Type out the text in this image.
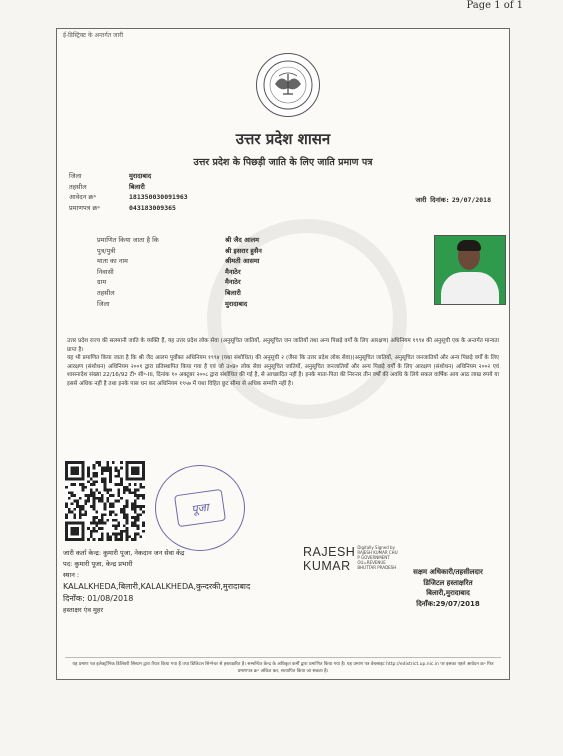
Page 1 of 1
ई-डिस्ट्रिक्ट के अन्तर्गत जारी
उत्तर प्रदेश शासन
उत्तर प्रदेश के पिछड़ी जाति के लिए जाति प्रमाण पत्र
जिला	मुरादाबाद
तहसील	बिलारी
आवेदन क्र॰	181350030091963
प्रमाणपत्र क्र॰	043183009365
जारी दिनांक: 29/07/2018
प्रमाणित किया जाता है कि	श्री जैद आलम
पुत्र/पुत्री	श्री इसरार हुसैन
माता का नाम	श्रीमती आसमा
निवासी	मैनाठेर
ग्राम	मैनाठेर
तहसील	बिलारी
जिला	मुरादाबाद

उत्तर प्रदेश राज्य की सलमानी जाति के व्यक्ति हैं, यह उत्तर प्रदेश लोक सेवा (अनुसूचित जातियों, अनुसूचित जन जातियों तथा अन्य पिछड़े वर्गों के लिए आरक्षण) अधिनियम १९९४ की अनुसूची एक के अन्तर्गत मान्यता प्राप्त है।

यह भी प्रमाणित किया जाता है कि श्री जैद आलम पूर्वोक्त अधिनियम १९९४ (यथा संशोधित) की अनुसूची २ (जैसा कि उत्तर प्रदेश लोक सेवा)(अनुसूचित जातियों, अनुसूचित जनजातियों और अन्य पिछड़े वर्गों के लिए आरक्षण (संशोधन) अधिनियम २००१ द्वारा प्रतिस्थापित किया गया है एवं जो उ०प्र० लोक सेवा अनुसूचित जातियों, अनुसूचित जनजातियों और अन्य पिछड़े वर्गों के लिए आरक्षण (संशोधन) अधिनियम २००२ एवं शासनादेश संख्या 22/16/92 टी॰ सी॰-III, दिनांक १० अक्टूबर २००८ द्वारा संशोधित की गई है, से आच्छादित नहीं है। इनके माता-पिता की निरन्तर तीन वर्षों की अवधि के लिये सकल वार्षिक आय आठ लाख रुपये या इससे अधिक नहीं है तथा इनके पास धन कर अधिनियम १९५७ में यथा विहित छूट सीमा से अधिक सम्पत्ति नहीं है।

पूजा
जारी कर्ता केन्द्र: कुमारी पूजा, नेकदान जन सेवा केंद्र
पद: कुमारी पूजा, केन्द्र प्रभारी
स्थान :
KALALKHEDA,बिलारी,KALALKHEDA,कुन्दरकी,मुरादाबाद
दिनाँक: 01/08/2018
हस्ताक्षर एंव मुहर
RAJESH
KUMAR
Digitally Signed by RAJESH KUMAR CHU P GOVERNMENT OU=REVENUE BHUTTAR PRADESH
सक्षम अधिकारी/तहसीलदार
डिजिटल हस्ताक्षरित
बिलारी,मुरादाबाद
दिनाँक:29/07/2018
यह प्रमाण पत्र इलेक्ट्रॉनिक डिलिवरी सिस्टम द्वारा तैयार किया गया है तथा डिजिटल सिग्नेचर से हस्ताक्षरित है। सम्बन्धित केन्द्र के अधिकृत कर्मी द्वारा प्रमाणित किया गया है। यह प्रमाण पत्र वेबसाइट http://edistrict.up.nic.in पर इसका पहले आवेदन क्र॰ फिर प्रमाणपत्र क्र॰ अंकित कर, सत्यापित किया जा सकता है।
